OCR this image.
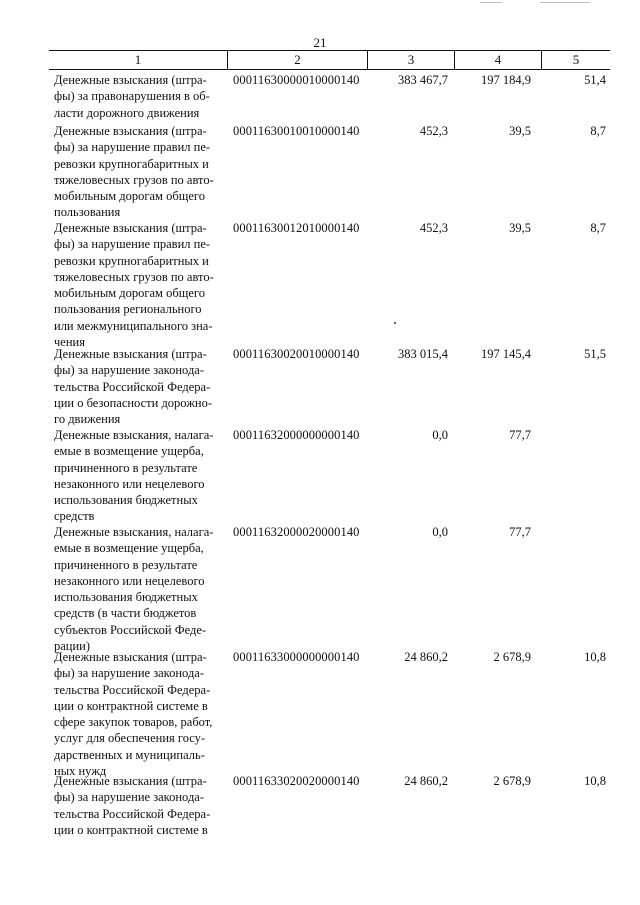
21
1	2	3	4	5
Денежные взыскания (штра-
фы) за правонарушения в об-
ласти дорожного движения
00011630000010000140	383 467,7	197 184,9	51,4
Денежные взыскания (штра-
фы) за нарушение правил пе-
ревозки крупногабаритных и
тяжеловесных грузов по авто-
мобильным дорогам общего
пользования
00011630010010000140	452,3	39,5	8,7
Денежные взыскания (штра-
фы) за нарушение правил пе-
ревозки крупногабаритных и
тяжеловесных грузов по авто-
мобильным дорогам общего
пользования регионального
или межмуниципального зна-
чения
00011630012010000140	452,3	39,5	8,7
Денежные взыскания (штра-
фы) за нарушение законода-
тельства Российской Федера-
ции о безопасности дорожно-
го движения
00011630020010000140	383 015,4	197 145,4	51,5
Денежные взыскания, налага-
емые в возмещение ущерба,
причиненного в результате
незаконного или нецелевого
использования бюджетных
средств
00011632000000000140	0,0	77,7
Денежные взыскания, налага-
емые в возмещение ущерба,
причиненного в результате
незаконного или нецелевого
использования бюджетных
средств (в части бюджетов
субъектов Российской Феде-
рации)
00011632000020000140	0,0	77,7
Денежные взыскания (штра-
фы) за нарушение законода-
тельства Российской Федера-
ции о контрактной системе в
сфере закупок товаров, работ,
услуг для обеспечения госу-
дарственных и муниципаль-
ных нужд
00011633000000000140	24 860,2	2 678,9	10,8
Денежные взыскания (штра-
фы) за нарушение законода-
тельства Российской Федера-
ции о контрактной системе в
00011633020020000140	24 860,2	2 678,9	10,8
